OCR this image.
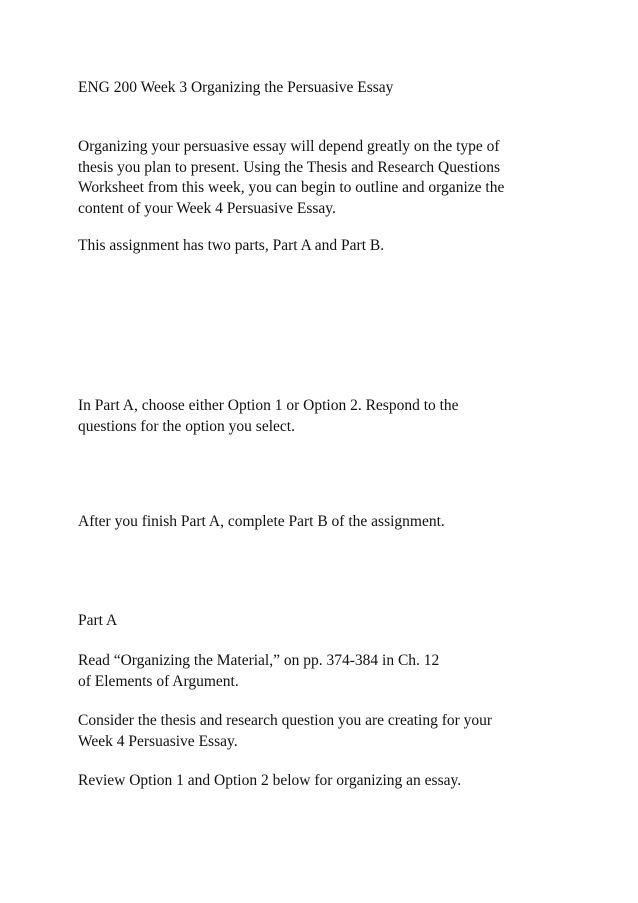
ENG 200 Week 3 Organizing the Persuasive Essay

Organizing your persuasive essay will depend greatly on the type of
thesis you plan to present. Using the Thesis and Research Questions
Worksheet from this week, you can begin to outline and organize the
content of your Week 4 Persuasive Essay.

This assignment has two parts, Part A and Part B.

In Part A, choose either Option 1 or Option 2. Respond to the
questions for the option you select.

After you finish Part A, complete Part B of the assignment.

Part A

Read “Organizing the Material,” on pp. 374-384 in Ch. 12
of Elements of Argument.

Consider the thesis and research question you are creating for your
Week 4 Persuasive Essay.

Review Option 1 and Option 2 below for organizing an essay.
